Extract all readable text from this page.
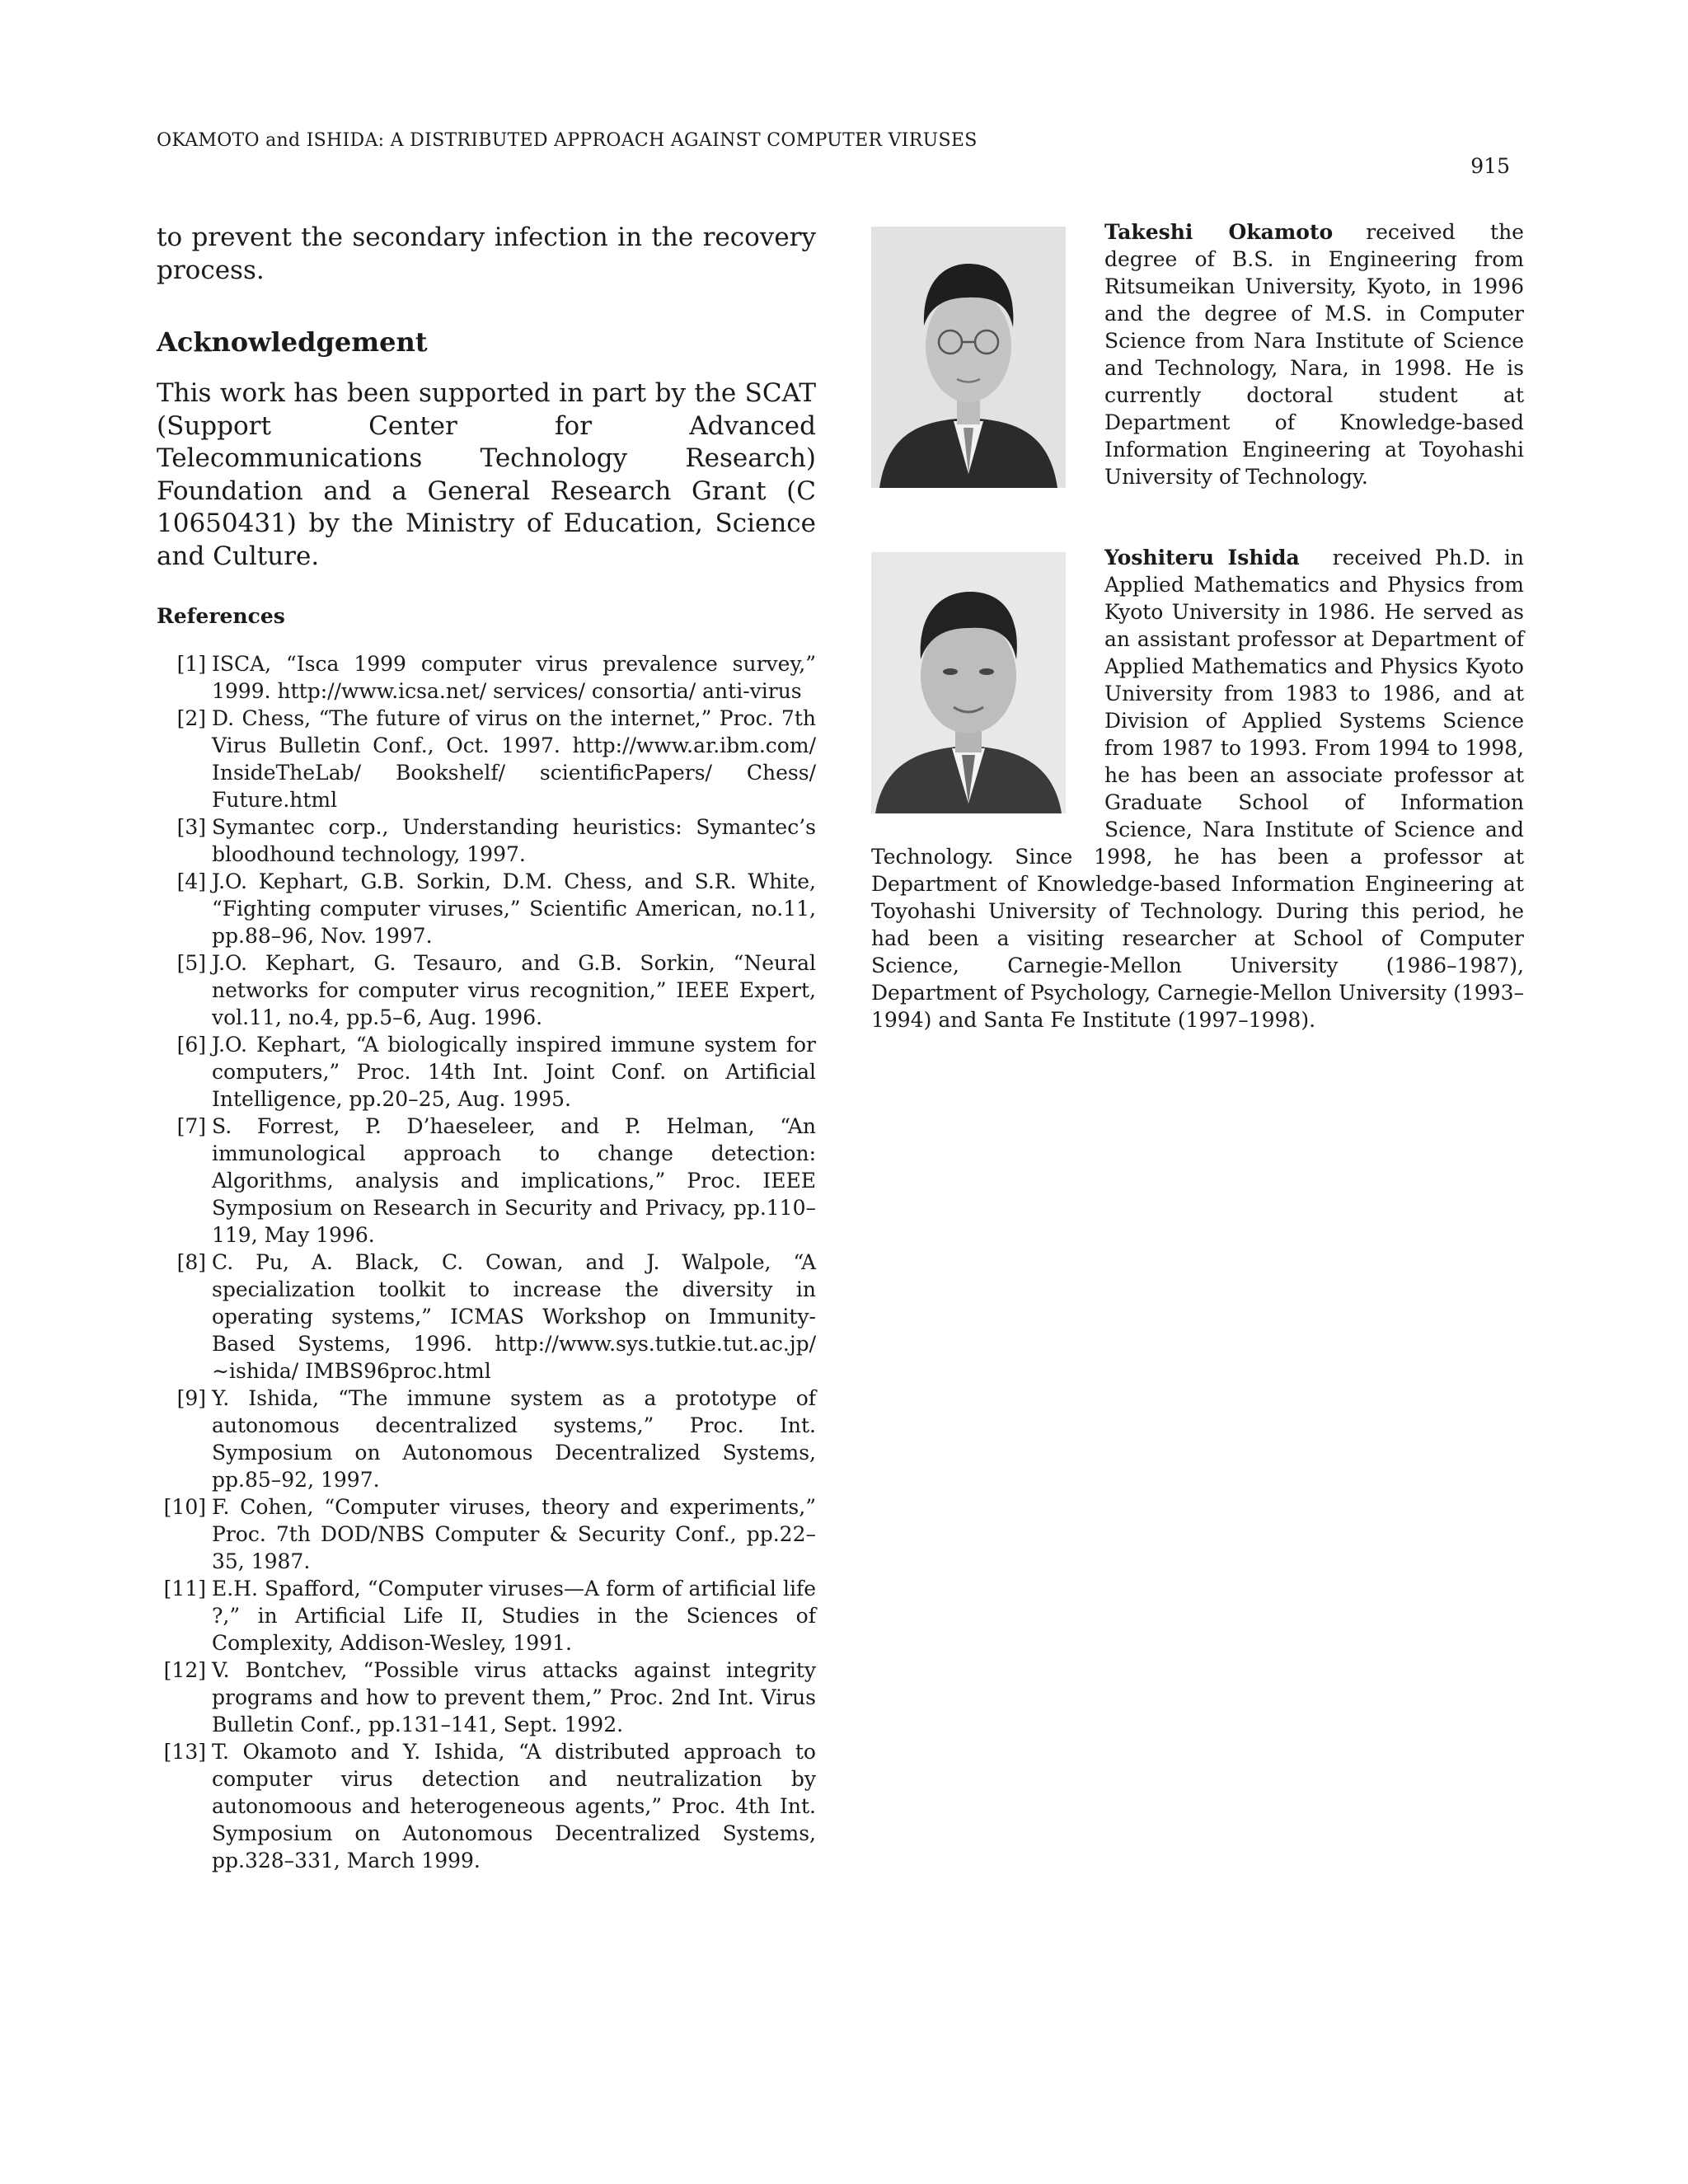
OKAMOTO and ISHIDA: A DISTRIBUTED APPROACH AGAINST COMPUTER VIRUSES
915

to prevent the secondary infection in the recovery process.

Acknowledgement

This work has been supported in part by the SCAT (Support Center for Advanced Telecommunications Technology Research) Foundation and a General Research Grant (C 10650431) by the Ministry of Education, Science and Culture.

References
[1] ISCA, “Isca 1999 computer virus prevalence survey,” 1999. http://www.icsa.net/ services/ consortia/ anti-virus
[2] D. Chess, “The future of virus on the internet,” Proc. 7th Virus Bulletin Conf., Oct. 1997. http://www.ar.ibm.com/ InsideTheLab/ Bookshelf/ scientificPapers/ Chess/ Future.html
[3] Symantec corp., Understanding heuristics: Symantec’s bloodhound technology, 1997.
[4] J.O. Kephart, G.B. Sorkin, D.M. Chess, and S.R. White, “Fighting computer viruses,” Scientific American, no.11, pp.88–96, Nov. 1997.
[5] J.O. Kephart, G. Tesauro, and G.B. Sorkin, “Neural networks for computer virus recognition,” IEEE Expert, vol.11, no.4, pp.5–6, Aug. 1996.
[6] J.O. Kephart, “A biologically inspired immune system for computers,” Proc. 14th Int. Joint Conf. on Artificial Intelligence, pp.20–25, Aug. 1995.
[7] S. Forrest, P. D’haeseleer, and P. Helman, “An immunological approach to change detection: Algorithms, analysis and implications,” Proc. IEEE Symposium on Research in Security and Privacy, pp.110–119, May 1996.
[8] C. Pu, A. Black, C. Cowan, and J. Walpole, “A specialization toolkit to increase the diversity in operating systems,” ICMAS Workshop on Immunity-Based Systems, 1996. http://www.sys.tutkie.tut.ac.jp/ ∼ishida/ IMBS96proc.html
[9] Y. Ishida, “The immune system as a prototype of autonomous decentralized systems,” Proc. Int. Symposium on Autonomous Decentralized Systems, pp.85–92, 1997.
[10] F. Cohen, “Computer viruses, theory and experiments,” Proc. 7th DOD/NBS Computer & Security Conf., pp.22–35, 1987.
[11] E.H. Spafford, “Computer viruses—A form of artificial life ?,” in Artificial Life II, Studies in the Sciences of Complexity, Addison-Wesley, 1991.
[12] V. Bontchev, “Possible virus attacks against integrity programs and how to prevent them,” Proc. 2nd Int. Virus Bulletin Conf., pp.131–141, Sept. 1992.
[13] T. Okamoto and Y. Ishida, “A distributed approach to computer virus detection and neutralization by autonomoous and heterogeneous agents,” Proc. 4th Int. Symposium on Autonomous Decentralized Systems, pp.328–331, March 1999.
Takeshi Okamoto received the degree of B.S. in Engineering from Ritsumeikan University, Kyoto, in 1996 and the degree of M.S. in Computer Science from Nara Institute of Science and Technology, Nara, in 1998. He is currently doctoral student at Department of Knowledge-based Information Engineering at Toyohashi University of Technology.
Yoshiteru Ishida received Ph.D. in Applied Mathematics and Physics from Kyoto University in 1986. He served as an assistant professor at Department of Applied Mathematics and Physics Kyoto University from 1983 to 1986, and at Division of Applied Systems Science from 1987 to 1993. From 1994 to 1998, he has been an associate professor at Graduate School of Information Science, Nara Institute of Science and Technology. Since 1998, he has been a professor at Department of Knowledge-based Information Engineering at Toyohashi University of Technology. During this period, he had been a visiting researcher at School of Computer Science, Carnegie-Mellon University (1986–1987), Department of Psychology, Carnegie-Mellon University (1993–1994) and Santa Fe Institute (1997–1998).
